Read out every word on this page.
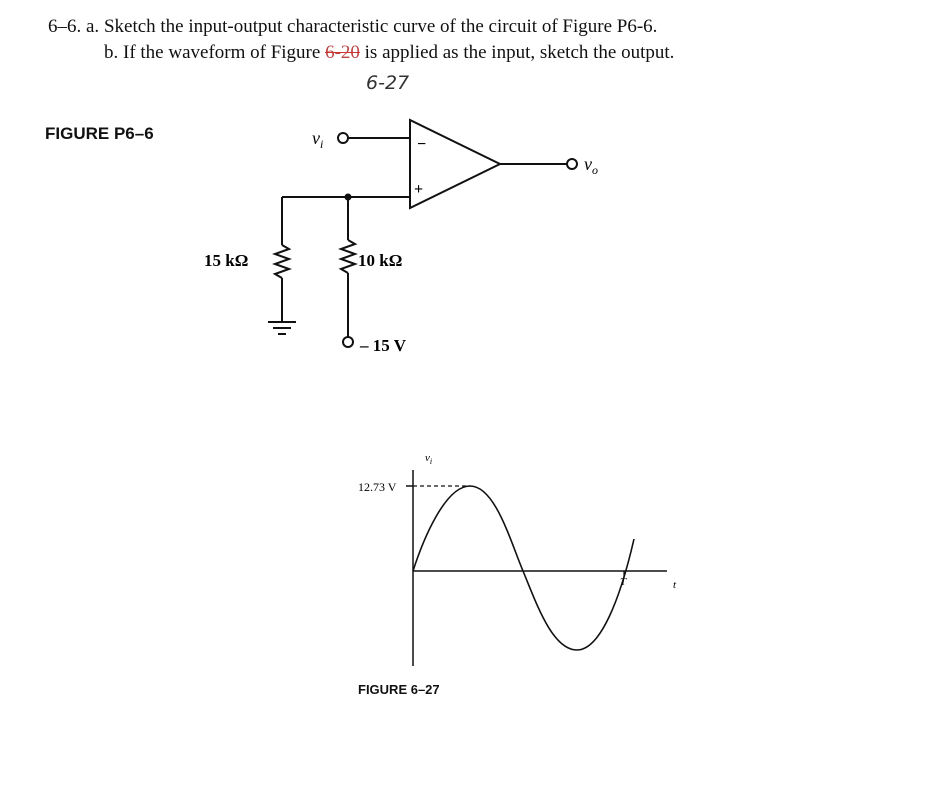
6–6. a. Sketch the input-output characteristic curve of the circuit of Figure P6-6.
b. If the waveform of Figure 6-20 is applied as the input, sketch the output.
6-27
FIGURE P6–6
FIGURE 6–27
−
+
$v_i$
$v_o$
15 kΩ	10 kΩ
– 15 V
$v_i$
12.73 V
T	t
